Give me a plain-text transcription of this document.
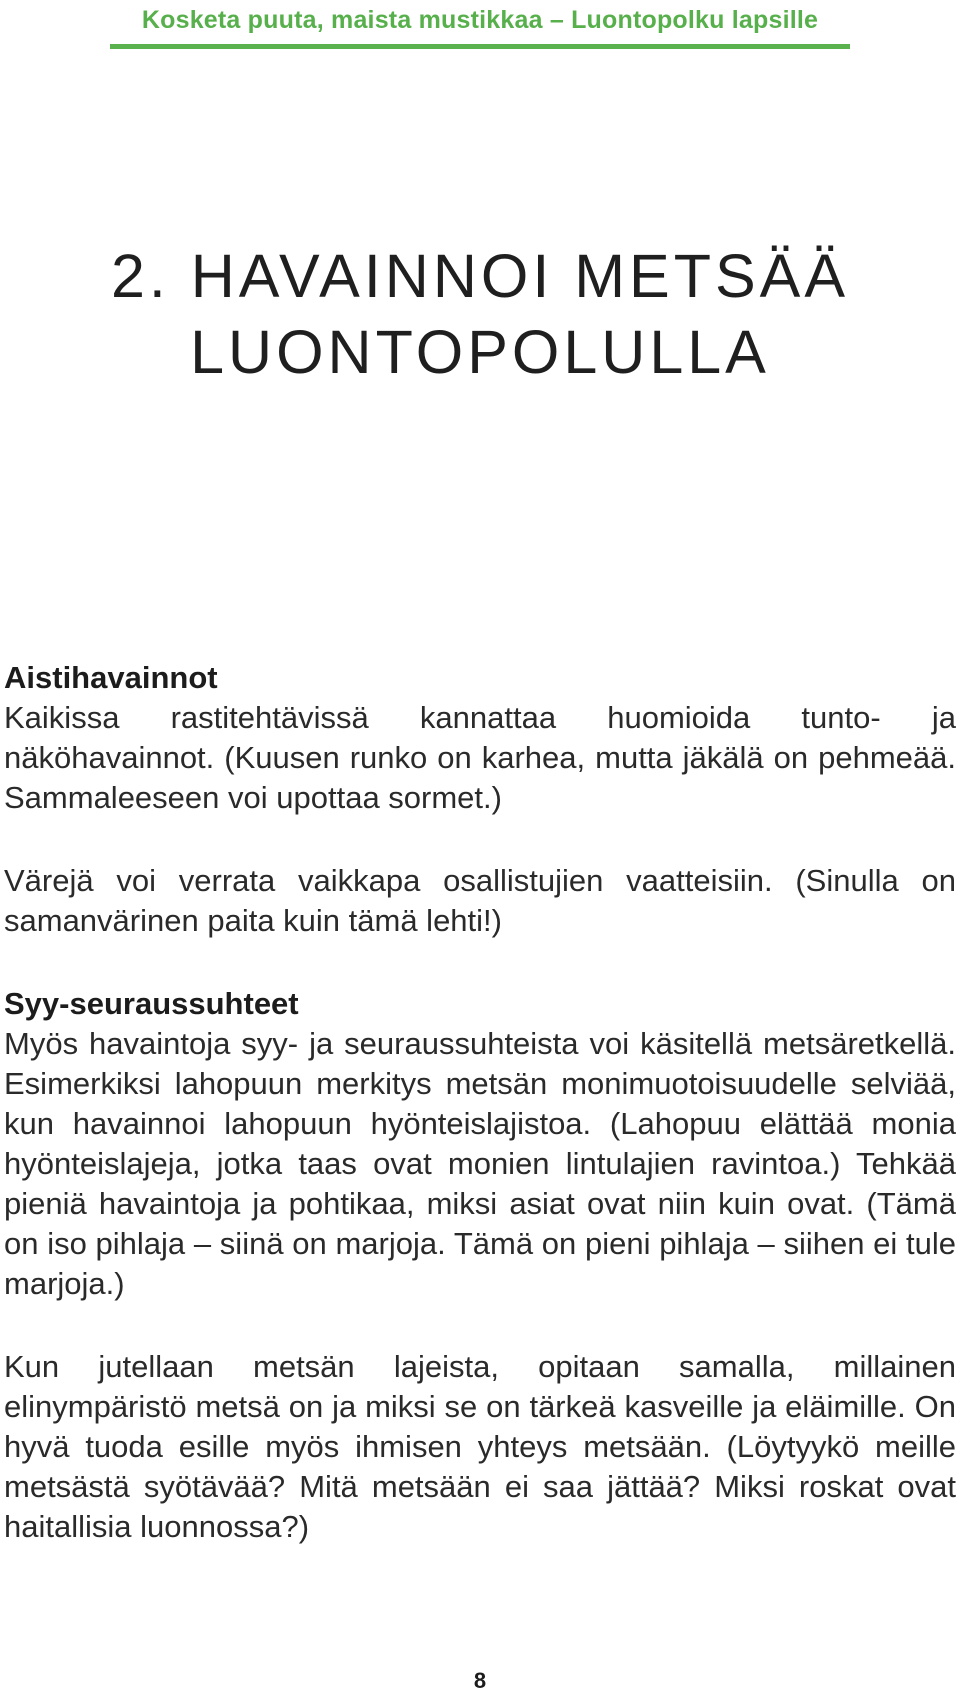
Kosketa puuta, maista mustikkaa – Luontopolku lapsille
2. HAVAINNOI METSÄÄ
LUONTOPOLULLA
Aistihavainnot

Kaikissa rastitehtävissä kannattaa huomioida tunto- ja näköhavainnot. (Kuusen runko on karhea, mutta jäkälä on pehmeää. Sammaleeseen voi upottaa sormet.)

Värejä voi verrata vaikkapa osallistujien vaatteisiin. (Sinulla on samanvärinen paita kuin tämä lehti!)

Syy-seuraussuhteet

Myös havaintoja syy- ja seuraussuhteista voi käsitellä metsäretkellä. Esimerkiksi lahopuun merkitys metsän monimuotoisuudelle selviää, kun havainnoi lahopuun hyönteislajistoa. (Lahopuu elättää monia hyönteislajeja, jotka taas ovat monien lintulajien ravintoa.) Tehkää pieniä havaintoja ja pohtikaa, miksi asiat ovat niin kuin ovat. (Tämä on iso pihlaja – siinä on marjoja. Tämä on pieni pihlaja – siihen ei tule marjoja.)

Kun jutellaan metsän lajeista, opitaan samalla, millainen elinympäristö metsä on ja miksi se on tärkeä kasveille ja eläimille. On hyvä tuoda esille myös ihmisen yhteys metsään. (Löytyykö meille metsästä syötävää? Mitä metsään ei saa jättää? Miksi roskat ovat haitallisia luonnossa?)

8
